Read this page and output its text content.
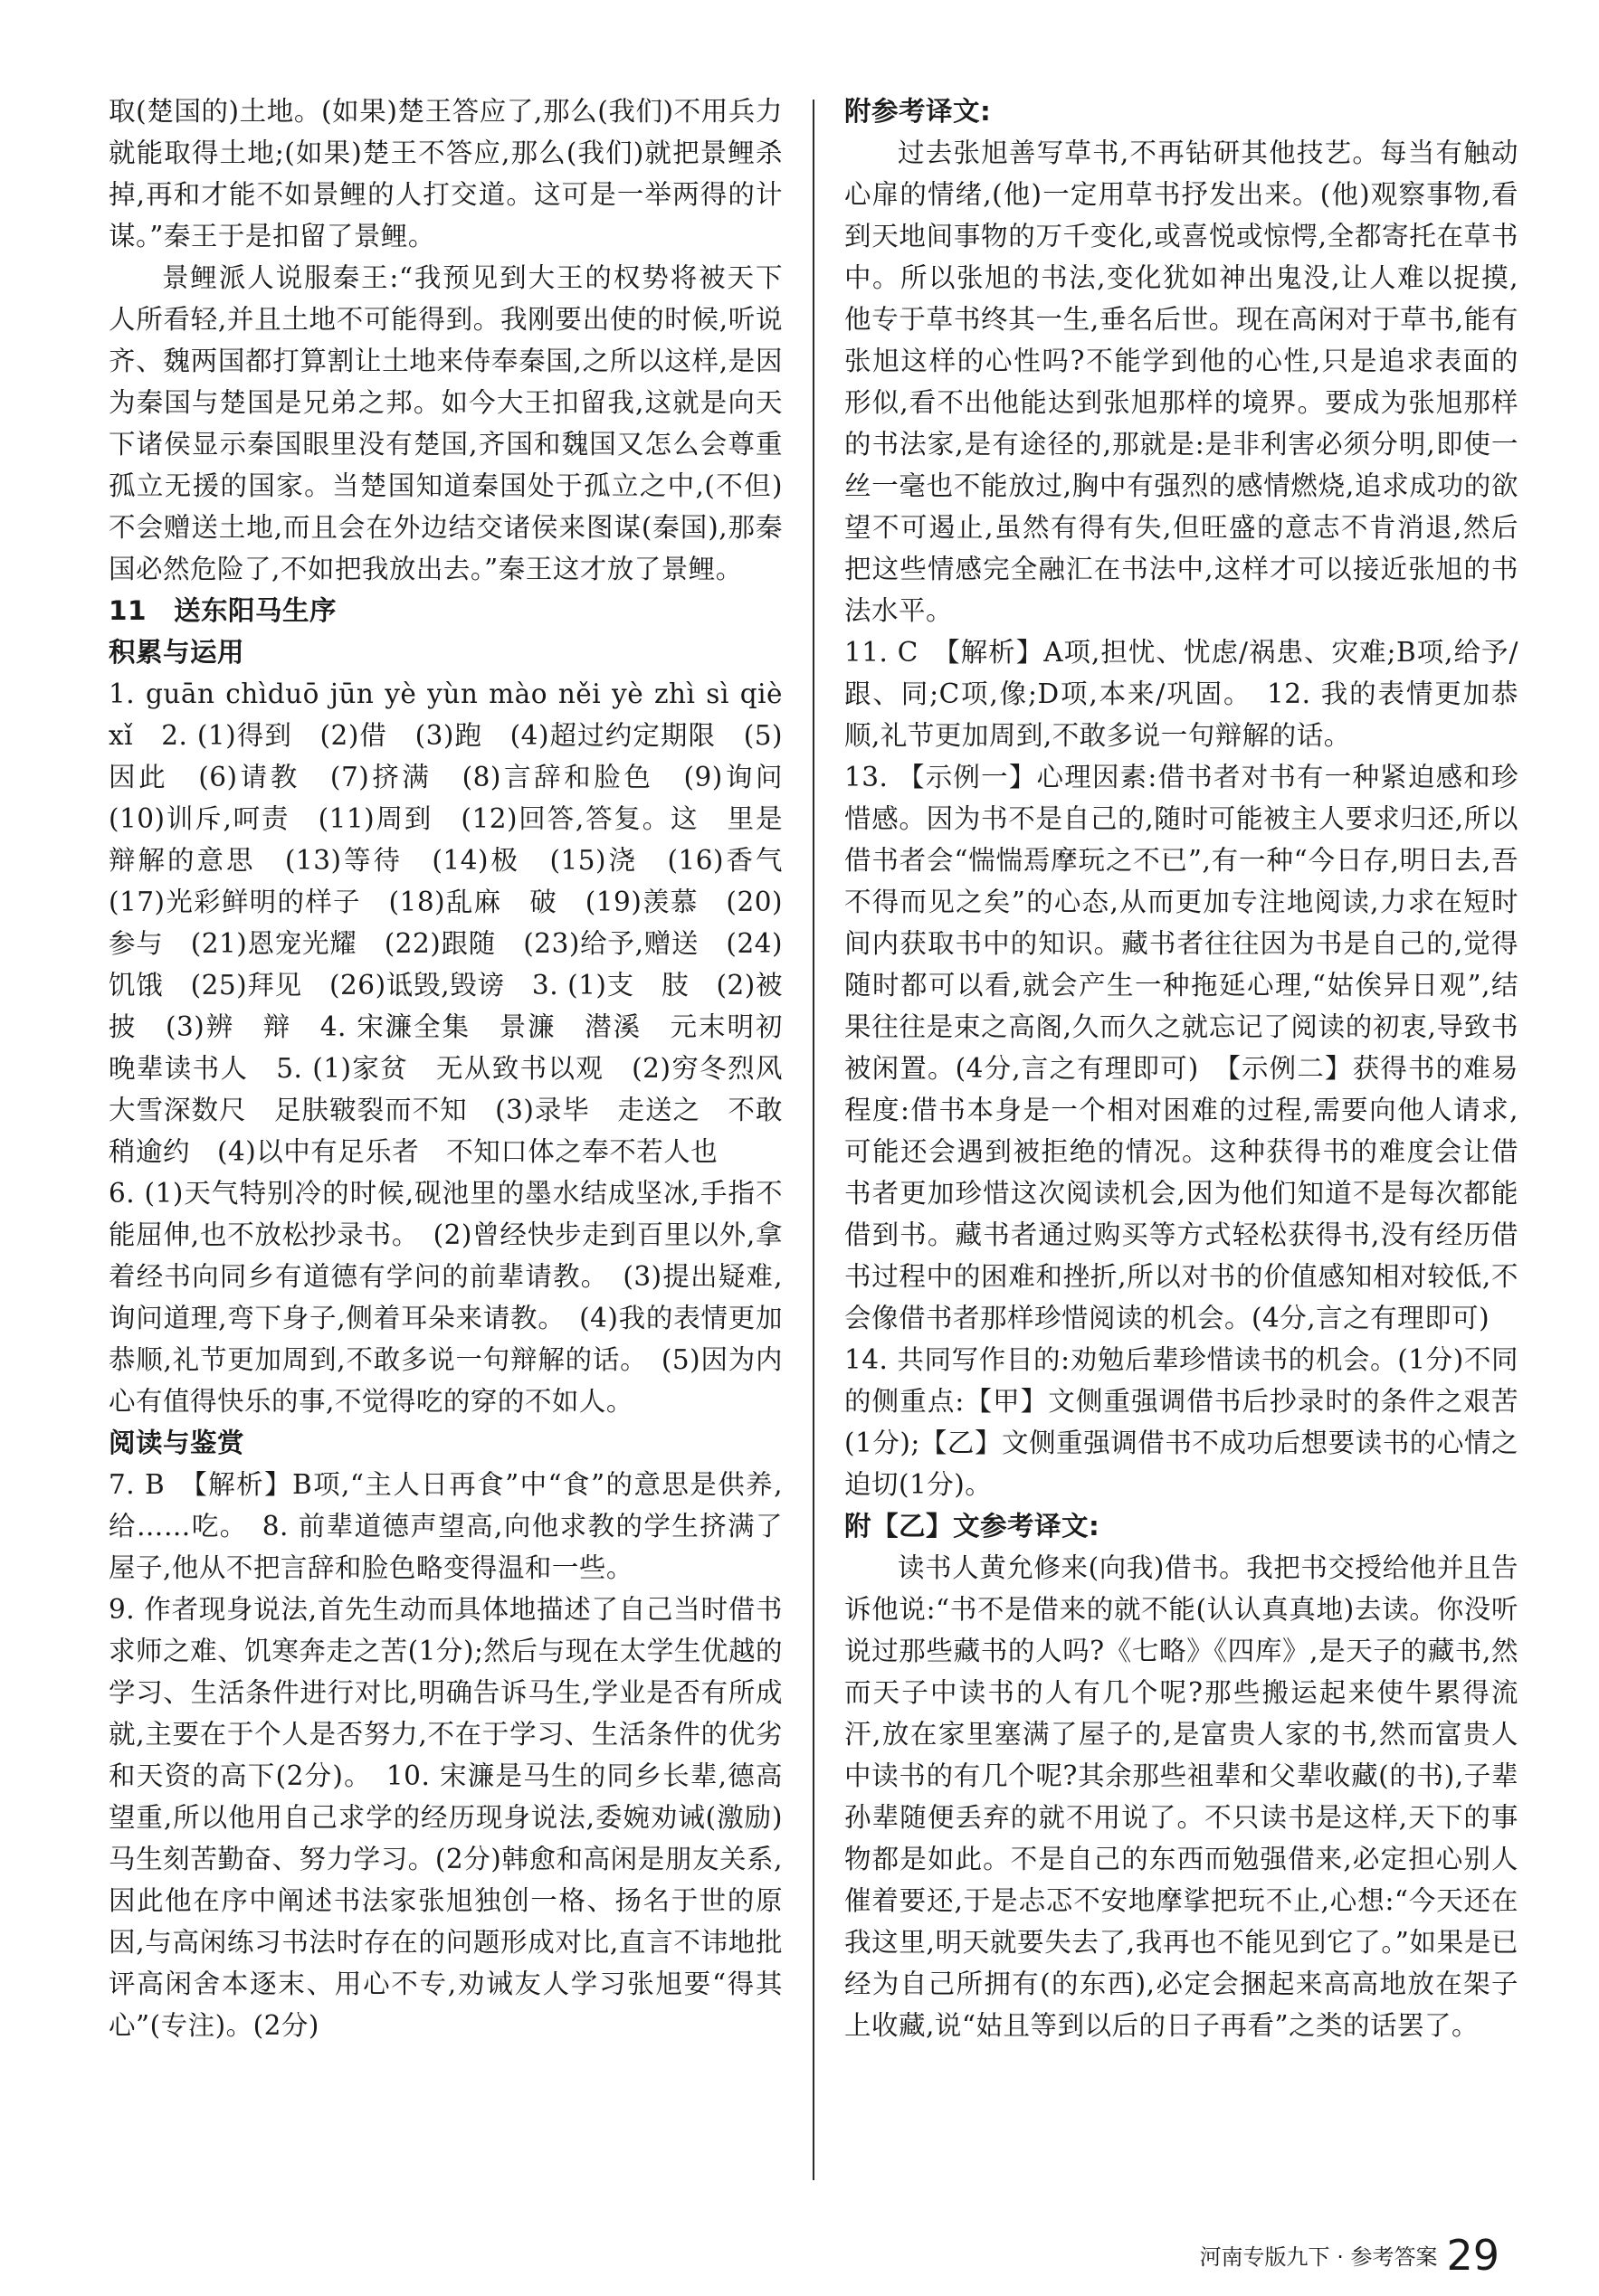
取(楚国的)土地。(如果)楚王答应了,那么(我们)不用兵力就能取得土地;(如果)楚王不答应,那么(我们)就把景鲤杀掉,再和才能不如景鲤的人打交道。这可是一举两得的计谋。”秦王于是扣留了景鲤。

景鲤派人说服秦王:“我预见到大王的权势将被天下人所看轻,并且土地不可能得到。我刚要出使的时候,听说齐、魏两国都打算割让土地来侍奉秦国,之所以这样,是因为秦国与楚国是兄弟之邦。如今大王扣留我,这就是向天下诸侯显示秦国眼里没有楚国,齐国和魏国又怎么会尊重孤立无援的国家。当楚国知道秦国处于孤立之中,(不但)不会赠送土地,而且会在外边结交诸侯来图谋(秦国),那秦国必然危险了,不如把我放出去。”秦王这才放了景鲤。

11　送东阳马生序

积累与运用

1. guān chìduō jūn yè yùn mào něi yè zhì sì qiè xǐ　2. (1)得到　(2)借　(3)跑　(4)超过约定期限　(5)因此　(6)请教　(7)挤满　(8)言辞和脸色　(9)询问　(10)训斥,呵责　(11)周到　(12)回答,答复。这　里是辩解的意思　(13)等待　(14)极　(15)浇　(16)香气　(17)光彩鲜明的样子　(18)乱麻　破　(19)羡慕　(20)参与　(21)恩宠光耀　(22)跟随　(23)给予,赠送　(24)饥饿　(25)拜见　(26)诋毁,毁谤　3. (1)支　肢　(2)被　披　(3)辨　辩　4. 宋濂全集　景濂　潜溪　元末明初　晚辈读书人　5. (1)家贫　无从致书以观　(2)穷冬烈风　大雪深数尺　足肤皲裂而不知　(3)录毕　走送之　不敢稍逾约　(4)以中有足乐者　不知口体之奉不若人也

6. (1)天气特别冷的时候,砚池里的墨水结成坚冰,手指不能屈伸,也不放松抄录书。　(2)曾经快步走到百里以外,拿着经书向同乡有道德有学问的前辈请教。　(3)提出疑难,询问道理,弯下身子,侧着耳朵来请教。　(4)我的表情更加恭顺,礼节更加周到,不敢多说一句辩解的话。　(5)因为内心有值得快乐的事,不觉得吃的穿的不如人。

阅读与鉴赏

7. B　【解析】B项,“主人日再食”中“食”的意思是供养,给……吃。　8. 前辈道德声望高,向他求教的学生挤满了屋子,他从不把言辞和脸色略变得温和一些。

9. 作者现身说法,首先生动而具体地描述了自己当时借书求师之难、饥寒奔走之苦(1分);然后与现在太学生优越的学习、生活条件进行对比,明确告诉马生,学业是否有所成就,主要在于个人是否努力,不在于学习、生活条件的优劣和天资的高下(2分)。　10. 宋濂是马生的同乡长辈,德高望重,所以他用自己求学的经历现身说法,委婉劝诫(激励)马生刻苦勤奋、努力学习。(2分)韩愈和高闲是朋友关系,因此他在序中阐述书法家张旭独创一格、扬名于世的原因,与高闲练习书法时存在的问题形成对比,直言不讳地批评高闲舍本逐末、用心不专,劝诫友人学习张旭要“得其心”(专注)。(2分)

附参考译文:

过去张旭善写草书,不再钻研其他技艺。每当有触动心扉的情绪,(他)一定用草书抒发出来。(他)观察事物,看到天地间事物的万千变化,或喜悦或惊愕,全都寄托在草书中。所以张旭的书法,变化犹如神出鬼没,让人难以捉摸,他专于草书终其一生,垂名后世。现在高闲对于草书,能有张旭这样的心性吗?不能学到他的心性,只是追求表面的形似,看不出他能达到张旭那样的境界。要成为张旭那样的书法家,是有途径的,那就是:是非利害必须分明,即使一丝一毫也不能放过,胸中有强烈的感情燃烧,追求成功的欲望不可遏止,虽然有得有失,但旺盛的意志不肯消退,然后把这些情感完全融汇在书法中,这样才可以接近张旭的书法水平。

11. C　【解析】A项,担忧、忧虑/祸患、灾难;B项,给予/跟、同;C项,像;D项,本来/巩固。　12. 我的表情更加恭顺,礼节更加周到,不敢多说一句辩解的话。

13. 【示例一】心理因素:借书者对书有一种紧迫感和珍惜感。因为书不是自己的,随时可能被主人要求归还,所以借书者会“惴惴焉摩玩之不已”,有一种“今日存,明日去,吾不得而见之矣”的心态,从而更加专注地阅读,力求在短时间内获取书中的知识。藏书者往往因为书是自己的,觉得随时都可以看,就会产生一种拖延心理,“姑俟异日观”,结果往往是束之高阁,久而久之就忘记了阅读的初衷,导致书被闲置。(4分,言之有理即可)　【示例二】获得书的难易程度:借书本身是一个相对困难的过程,需要向他人请求,可能还会遇到被拒绝的情况。这种获得书的难度会让借书者更加珍惜这次阅读机会,因为他们知道不是每次都能借到书。藏书者通过购买等方式轻松获得书,没有经历借书过程中的困难和挫折,所以对书的价值感知相对较低,不会像借书者那样珍惜阅读的机会。(4分,言之有理即可)

14. 共同写作目的:劝勉后辈珍惜读书的机会。(1分)不同的侧重点:【甲】文侧重强调借书后抄录时的条件之艰苦(1分);【乙】文侧重强调借书不成功后想要读书的心情之迫切(1分)。

附【乙】文参考译文:

读书人黄允修来(向我)借书。我把书交授给他并且告诉他说:“书不是借来的就不能(认认真真地)去读。你没听说过那些藏书的人吗?《七略》《四库》,是天子的藏书,然而天子中读书的人有几个呢?那些搬运起来使牛累得流汗,放在家里塞满了屋子的,是富贵人家的书,然而富贵人中读书的有几个呢?其余那些祖辈和父辈收藏(的书),子辈孙辈随便丢弃的就不用说了。不只读书是这样,天下的事物都是如此。不是自己的东西而勉强借来,必定担心别人催着要还,于是忐忑不安地摩挲把玩不止,心想:“今天还在我这里,明天就要失去了,我再也不能见到它了。”如果是已经为自己所拥有(的东西),必定会捆起来高高地放在架子上收藏,说“姑且等到以后的日子再看”之类的话罢了。

河南专版九下 · 参考答案 29
